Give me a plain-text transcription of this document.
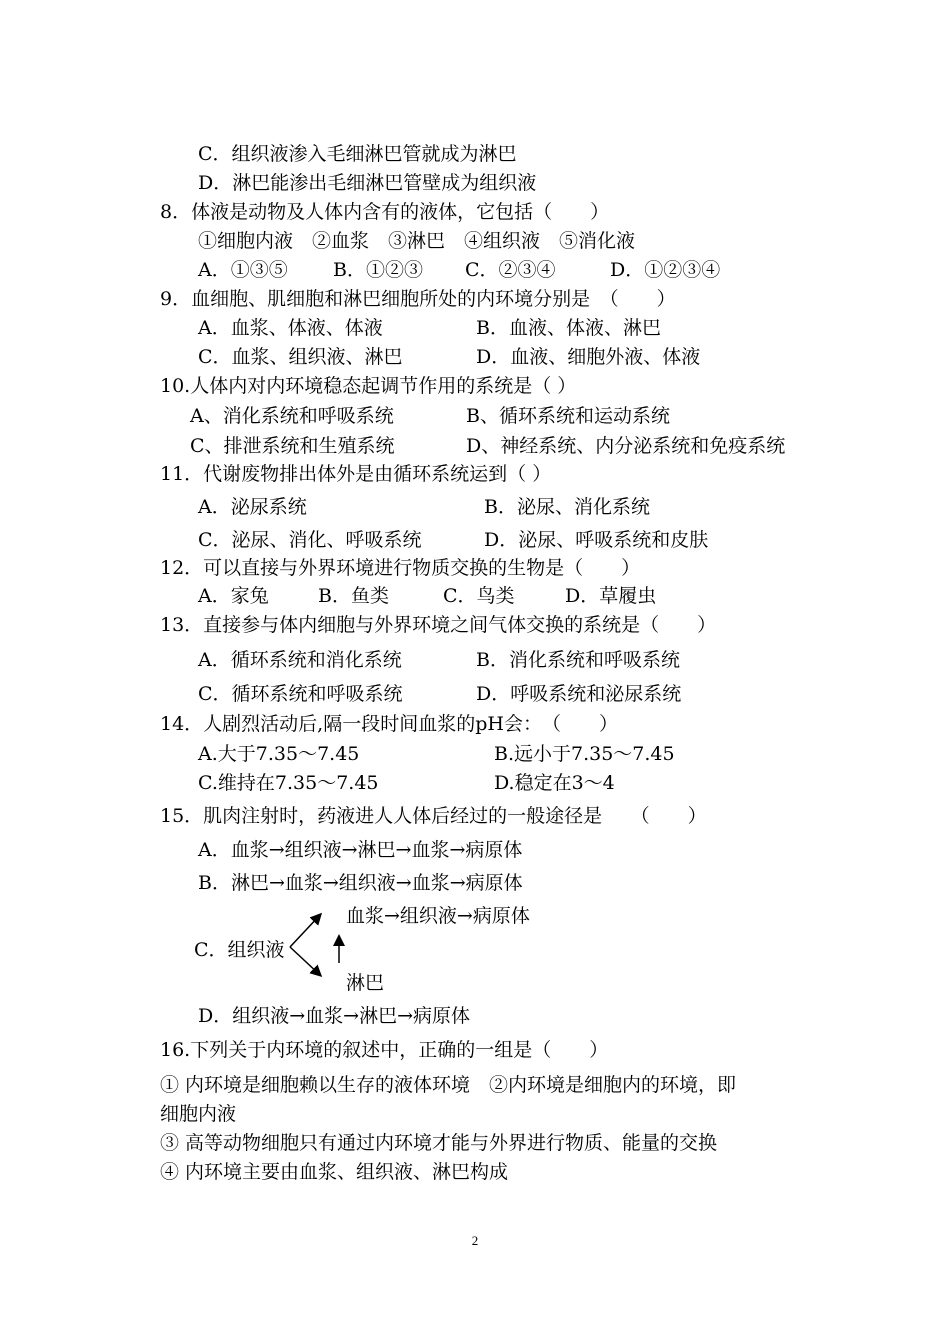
C．组织液渗入毛细淋巴管就成为淋巴
D．淋巴能渗出毛细淋巴管壁成为组织液
8．体液是动物及人体内含有的液体，它包括（　　）
①细胞内液　②血浆　③淋巴　④组织液　⑤消化液
A．①③⑤ B．①②③ C．②③④	D．①②③④
9．血细胞、肌细胞和淋巴细胞所处的内环境分别是　（　　）
A．血浆、体液、体液	B．血液、体液、淋巴
C．血浆、组织液、淋巴	D．血液、细胞外液、体液
10.人体内对内环境稳态起调节作用的系统是（ ）
A、消化系统和呼吸系统	B、循环系统和运动系统
C、排泄系统和生殖系统	D、神经系统、内分泌系统和免疫系统
11．代谢废物排出体外是由循环系统运到（ ）
A．泌尿系统	B．泌尿、消化系统
C．泌尿、消化、呼吸系统	D．泌尿、呼吸系统和皮肤
12．可以直接与外界环境进行物质交换的生物是（　　）
A．家兔	B．鱼类	C．鸟类	D．草履虫
13．直接参与体内细胞与外界环境之间气体交换的系统是（　　）
A．循环系统和消化系统	B．消化系统和呼吸系统
C．循环系统和呼吸系统	D．呼吸系统和泌尿系统
14．人剧烈活动后,隔一段时间血浆的pH会：　（　　）
A.大于7.35～7.45	B.远小于7.35～7.45
C.维持在7.35～7.45	D.稳定在3～4
15．肌肉注射时，药液进人人体后经过的一般途径是　　（　　）
A．血浆→组织液→淋巴→血浆→病原体
B．淋巴→血浆→组织液→血浆→病原体
血浆→组织液→病原体
C．组织液
淋巴
D．组织液→血浆→淋巴→病原体
16.下列关于内环境的叙述中，正确的一组是（　　）
① 内环境是细胞赖以生存的液体环境　②内环境是细胞内的环境，即
细胞内液
③ 高等动物细胞只有通过内环境才能与外界进行物质、能量的交换
④ 内环境主要由血浆、组织液、淋巴构成
2
